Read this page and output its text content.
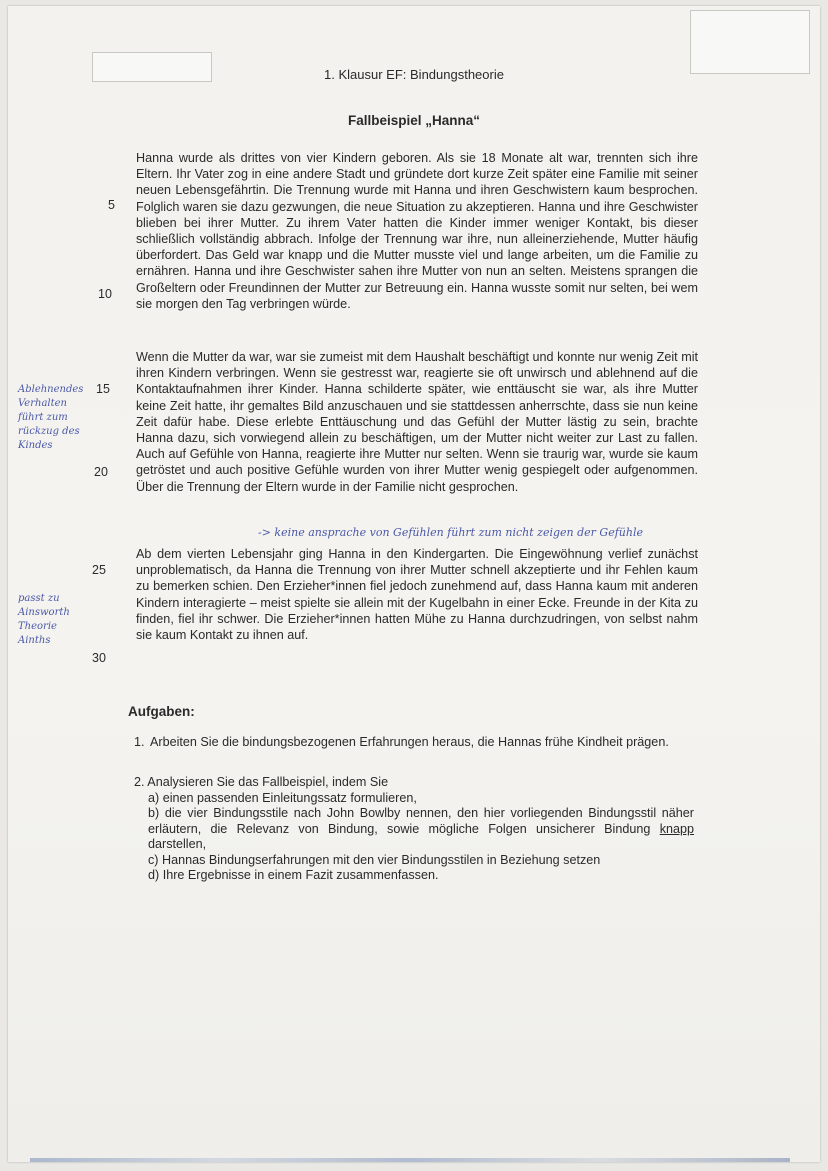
1. Klausur EF: Bindungstheorie
Fallbeispiel „Hanna“

Hanna wurde als drittes von vier Kindern geboren. Als sie 18 Monate alt war, trennten sich ihre Eltern. Ihr Vater zog in eine andere Stadt und gründete dort kurze Zeit später eine Familie mit seiner neuen Lebensgefährtin. Die Trennung wurde mit Hanna und ihren Geschwistern kaum besprochen. Folglich waren sie dazu gezwungen, die neue Situation zu akzeptieren. Hanna und ihre Geschwister blieben bei ihrer Mutter. Zu ihrem Vater hatten die Kinder immer weniger Kontakt, bis dieser schließlich vollständig abbrach. Infolge der Trennung war ihre, nun alleinerziehende, Mutter häufig überfordert. Das Geld war knapp und die Mutter musste viel und lange arbeiten, um die Familie zu ernähren. Hanna und ihre Geschwister sahen ihre Mutter von nun an selten. Meistens sprangen die Großeltern oder Freundinnen der Mutter zur Betreuung ein. Hanna wusste somit nur selten, bei wem sie morgen den Tag verbringen würde.

Wenn die Mutter da war, war sie zumeist mit dem Haushalt beschäftigt und konnte nur wenig Zeit mit ihren Kindern verbringen. Wenn sie gestresst war, reagierte sie oft unwirsch und ablehnend auf die Kontaktaufnahmen ihrer Kinder. Hanna schilderte später, wie enttäuscht sie war, als ihre Mutter keine Zeit hatte, ihr gemaltes Bild anzuschauen und sie stattdessen anherrschte, dass sie nun keine Zeit dafür habe. Diese erlebte Enttäuschung und das Gefühl der Mutter lästig zu sein, brachte Hanna dazu, sich vorwiegend allein zu beschäftigen, um der Mutter nicht weiter zur Last zu fallen. Auch auf Gefühle von Hanna, reagierte ihre Mutter nur selten. Wenn sie traurig war, wurde sie kaum getröstet und auch positive Gefühle wurden von ihrer Mutter wenig gespiegelt oder aufgenommen. Über die Trennung der Eltern wurde in der Familie nicht gesprochen.

Ab dem vierten Lebensjahr ging Hanna in den Kindergarten. Die Eingewöhnung verlief zunächst unproblematisch, da Hanna die Trennung von ihrer Mutter schnell akzeptierte und ihr Fehlen kaum zu bemerken schien. Den Erzieher*innen fiel jedoch zunehmend auf, dass Hanna kaum mit anderen Kindern interagierte – meist spielte sie allein mit der Kugelbahn in einer Ecke. Freunde in der Kita zu finden, fiel ihr schwer. Die Erzieher*innen hatten Mühe zu Hanna durchzudringen, von selbst nahm sie kaum Kontakt zu ihnen auf.

5
10
15
20
25
30
Ablehnendes Verhalten führt zum rückzug des Kindes
-> keine ansprache von Gefühlen führt zum nicht zeigen der Gefühle
passt zu Ainsworth Theorie Ainths
Aufgaben:
1. Arbeiten Sie die bindungsbezogenen Erfahrungen heraus, die Hannas frühe Kindheit prägen.
2. Analysieren Sie das Fallbeispiel, indem Sie
a) einen passenden Einleitungssatz formulieren,
b) die vier Bindungsstile nach John Bowlby nennen, den hier vorliegenden Bindungsstil näher erläutern, die Relevanz von Bindung, sowie mögliche Folgen unsicherer Bindung knapp darstellen,
c) Hannas Bindungserfahrungen mit den vier Bindungsstilen in Beziehung setzen
d) Ihre Ergebnisse in einem Fazit zusammenfassen.
